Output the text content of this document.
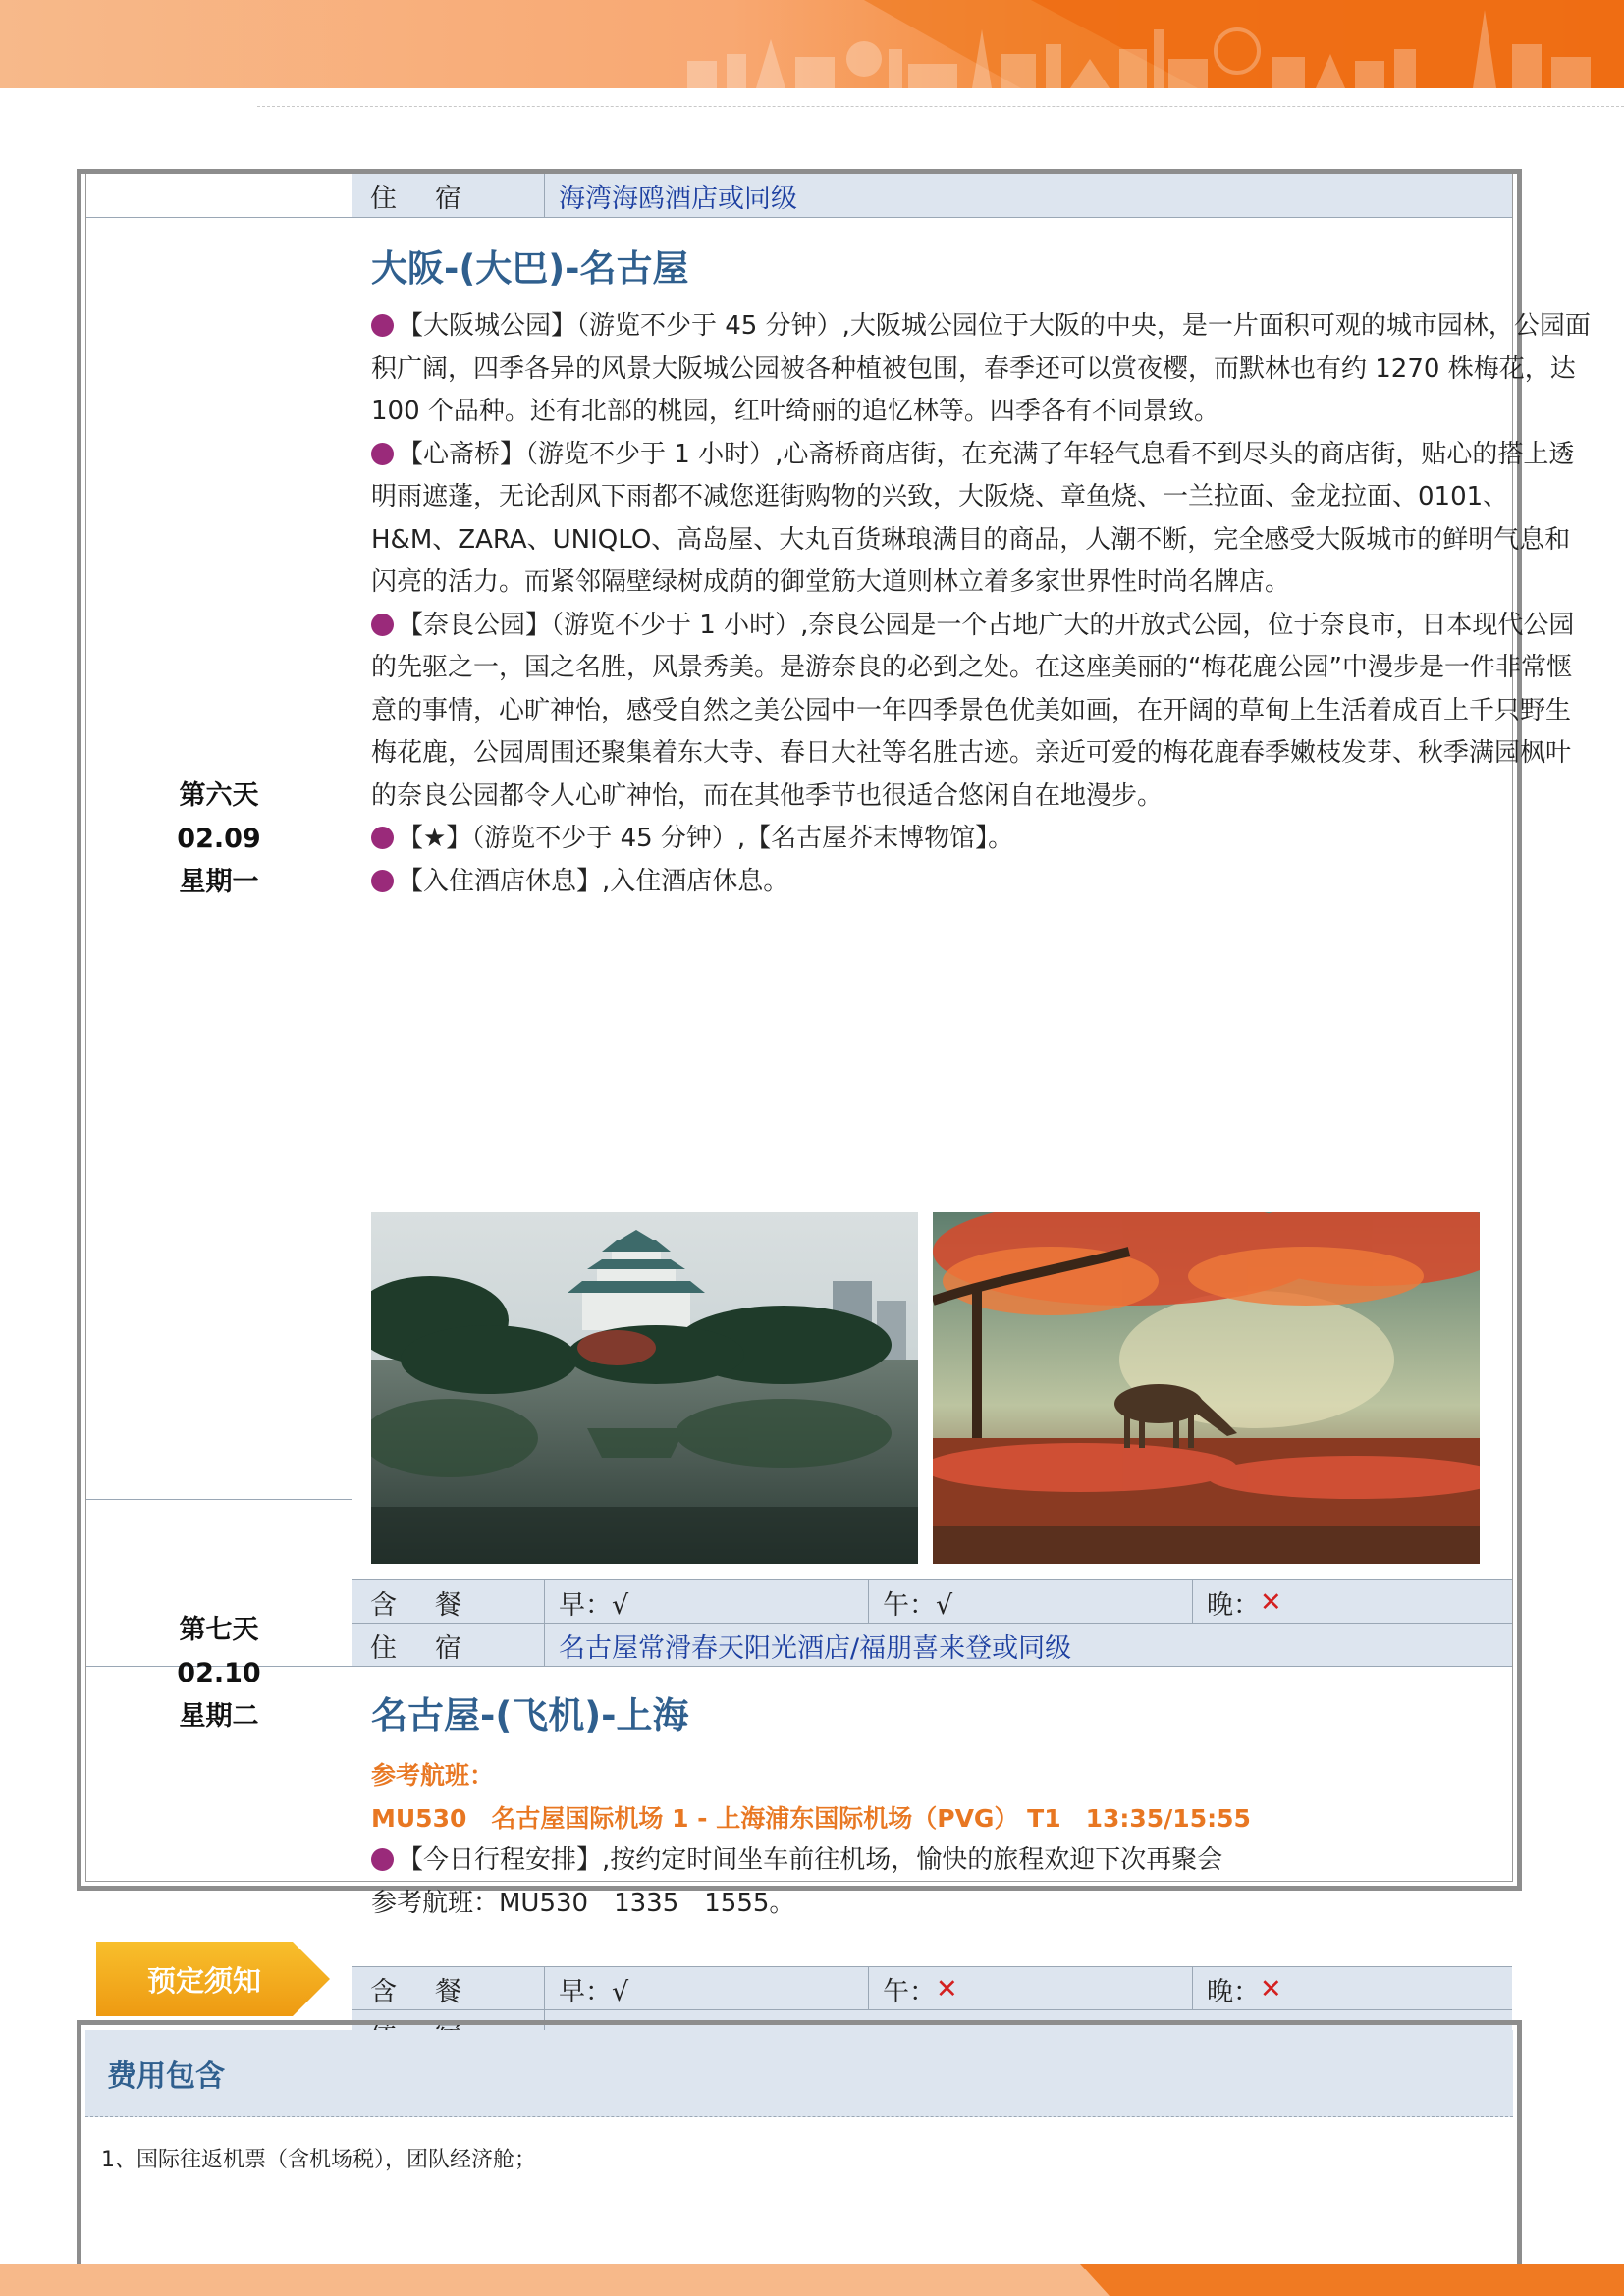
住　宿	海湾海鸥酒店或同级
第六天
02.09
星期一
大阪-(大巴)-名古屋

【大阪城公园】（游览不少于 45 分钟）,大阪城公园位于大阪的中央，是一片面积可观的城市园林，公园面积广阔，四季各异的风景大阪城公园被各种植被包围，春季还可以赏夜樱，而默林也有约 1270 株梅花，达 100 个品种。还有北部的桃园，红叶绮丽的追忆林等。四季各有不同景致。

【心斋桥】（游览不少于 1 小时）,心斋桥商店街，在充满了年轻气息看不到尽头的商店街，贴心的搭上透明雨遮蓬，无论刮风下雨都不减您逛街购物的兴致，大阪烧、章鱼烧、一兰拉面、金龙拉面、0101、H&M、ZARA、UNIQLO、高岛屋、大丸百货琳琅满目的商品，人潮不断，完全感受大阪城市的鲜明气息和闪亮的活力。而紧邻隔壁绿树成荫的御堂筋大道则林立着多家世界性时尚名牌店。

【奈良公园】（游览不少于 1 小时）,奈良公园是一个占地广大的开放式公园，位于奈良市，日本现代公园的先驱之一，国之名胜，风景秀美。是游奈良的必到之处。在这座美丽的“梅花鹿公园”中漫步是一件非常惬意的事情，心旷神怡，感受自然之美公园中一年四季景色优美如画，在开阔的草甸上生活着成百上千只野生梅花鹿，公园周围还聚集着东大寺、春日大社等名胜古迹。亲近可爱的梅花鹿春季嫩枝发芽、秋季满园枫叶的奈良公园都令人心旷神怡，而在其他季节也很适合悠闲自在地漫步。

【★】（游览不少于 45 分钟）,【名古屋芥末博物馆】。

【入住酒店休息】,入住酒店休息。

含　餐	早：√	午：√	晚： ✕
住　宿	名古屋常滑春天阳光酒店/福朋喜来登或同级
第七天
02.10
星期二	名古屋-(飞机)-上海

参考航班：

MU530　名古屋国际机场 1 - 上海浦东国际机场（PVG） T1　13:35/15:55

【今日行程安排】,按约定时间坐车前往机场，愉快的旅程欢迎下次再聚会

参考航班：MU530　1335　1555。

含　餐	早：√	午： ✕	晚： ✕
预定须知
费用包含
1、国际往返机票（含机场税），团队经济舱；
